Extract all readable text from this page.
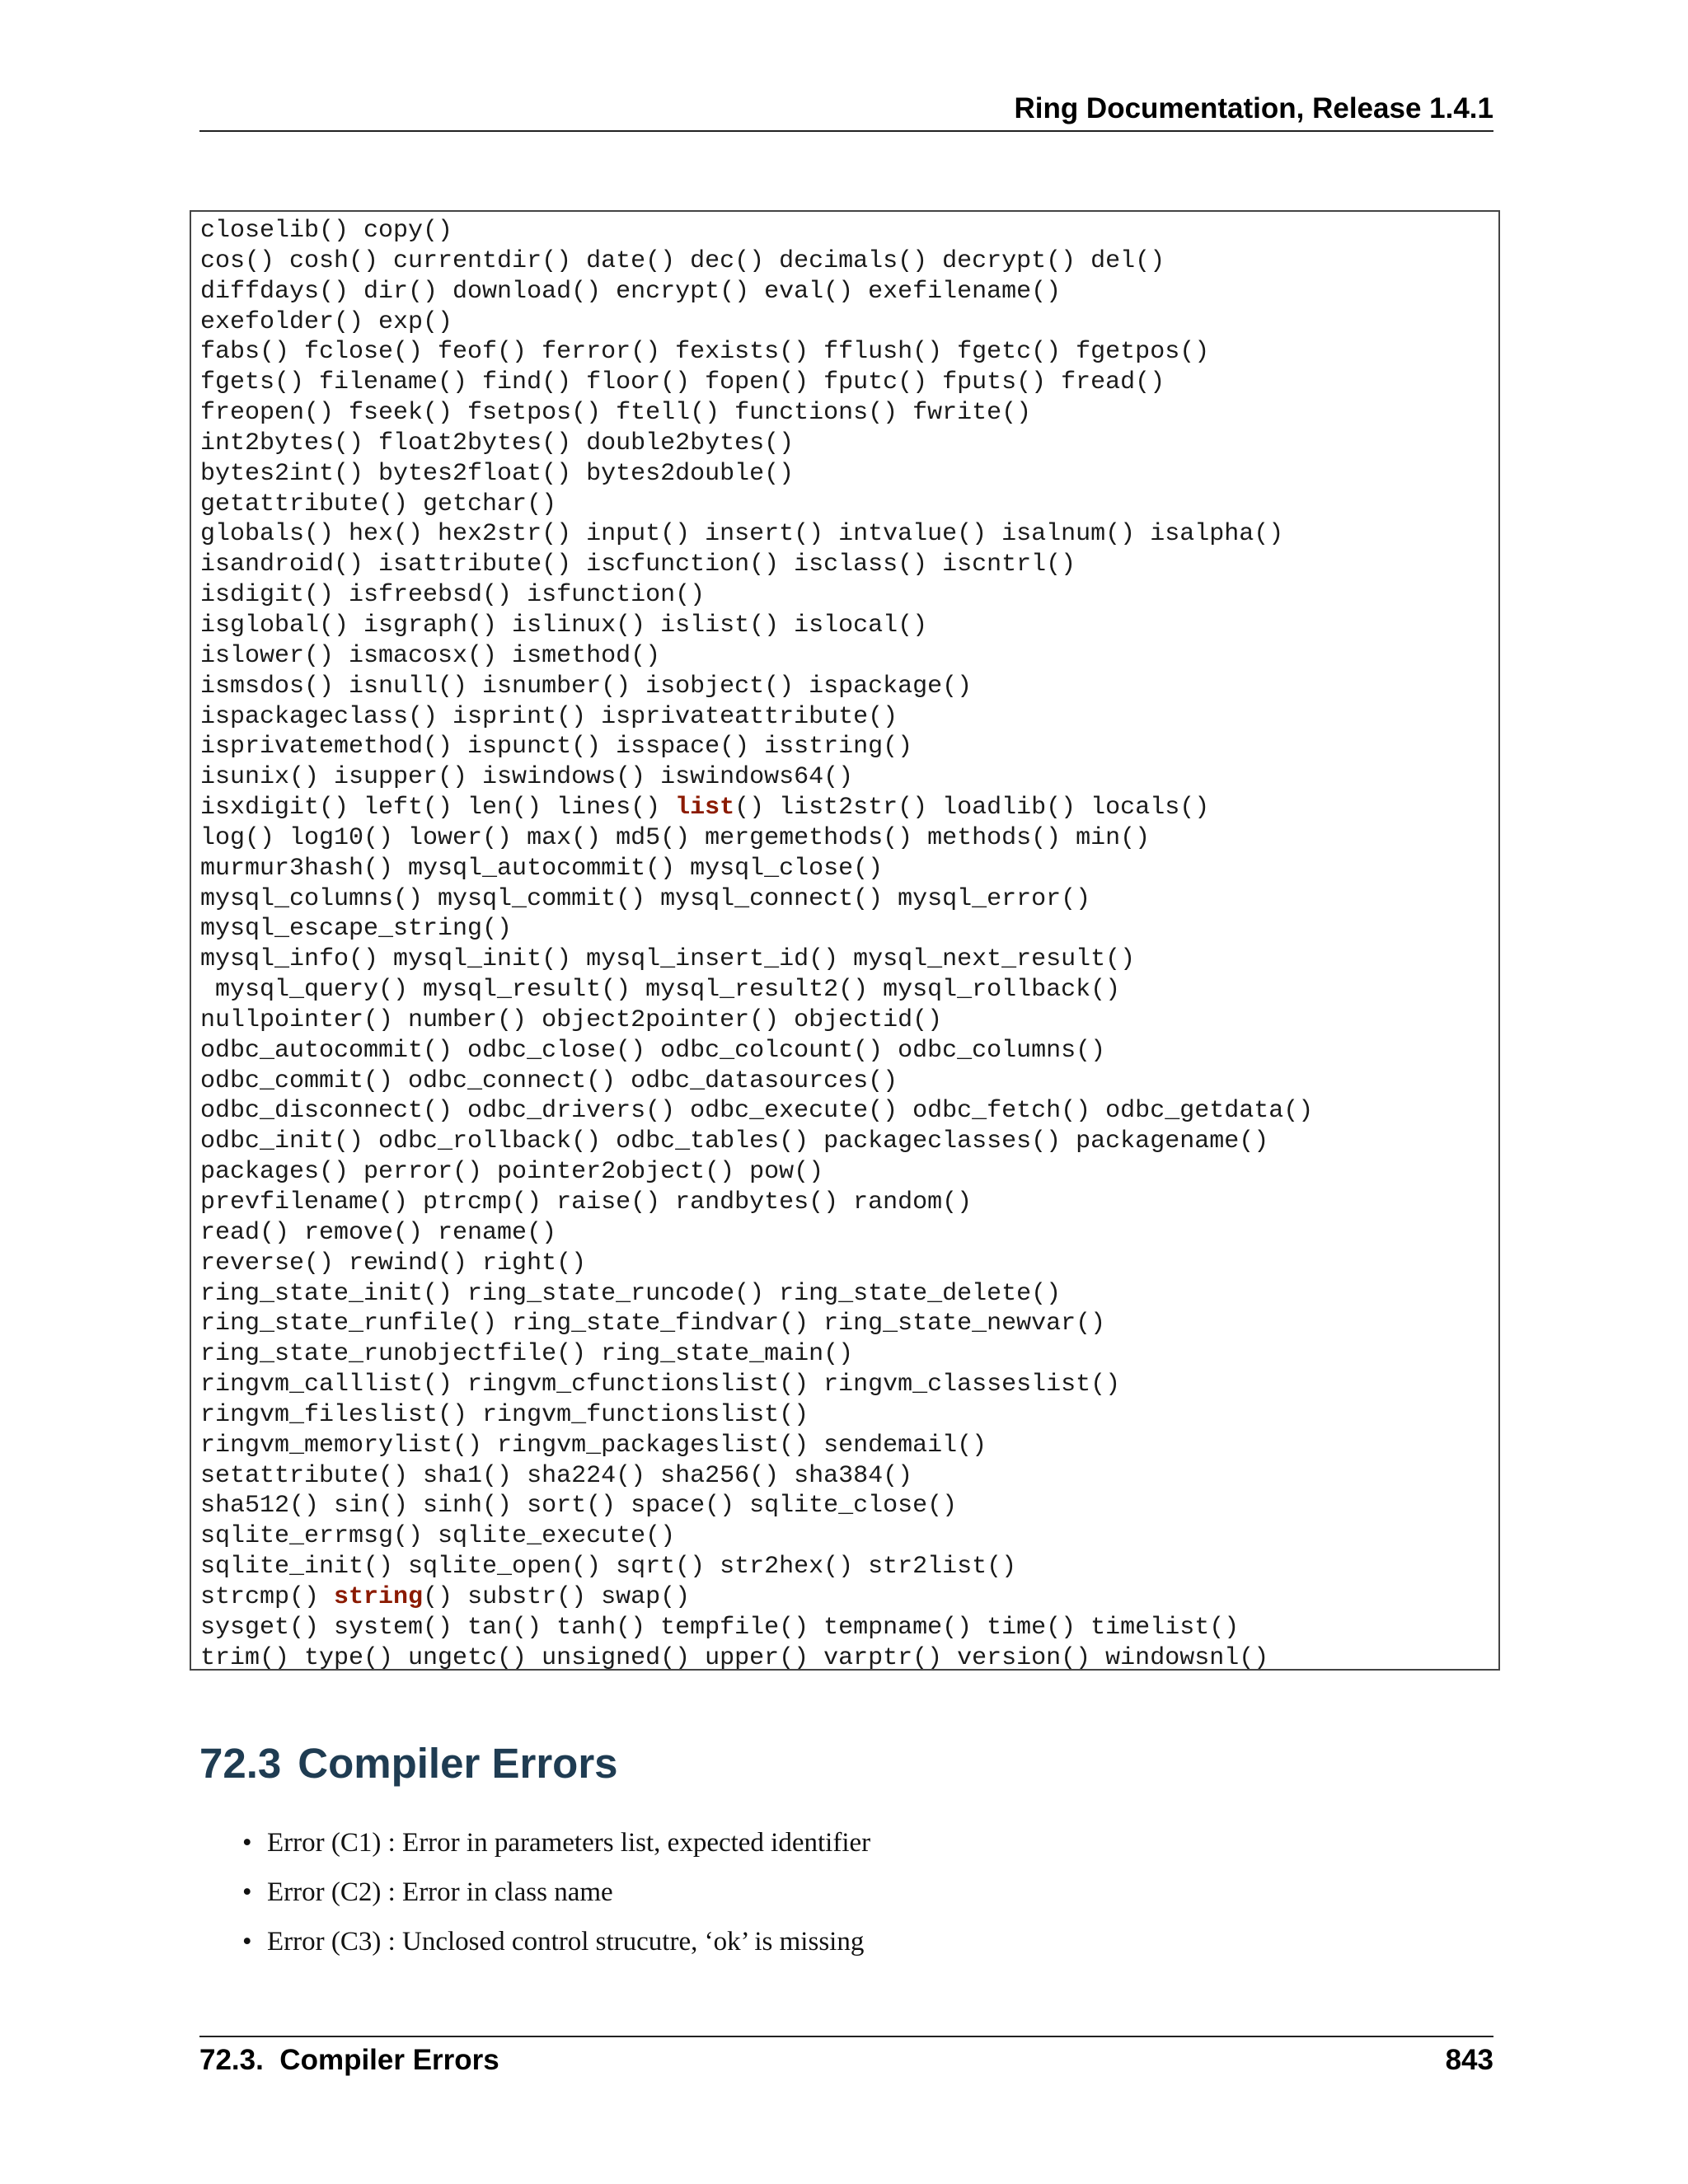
Ring Documentation, Release 1.4.1
closelib() copy()
cos() cosh() currentdir() date() dec() decimals() decrypt() del()
diffdays() dir() download() encrypt() eval() exefilename()
exefolder() exp()
fabs() fclose() feof() ferror() fexists() fflush() fgetc() fgetpos()
fgets() filename() find() floor() fopen() fputc() fputs() fread()
freopen() fseek() fsetpos() ftell() functions() fwrite()
int2bytes() float2bytes() double2bytes()
bytes2int() bytes2float() bytes2double()
getattribute() getchar()
globals() hex() hex2str() input() insert() intvalue() isalnum() isalpha()
isandroid() isattribute() iscfunction() isclass() iscntrl()
isdigit() isfreebsd() isfunction()
isglobal() isgraph() islinux() islist() islocal()
islower() ismacosx() ismethod()
ismsdos() isnull() isnumber() isobject() ispackage()
ispackageclass() isprint() isprivateattribute()
isprivatemethod() ispunct() isspace() isstring()
isunix() isupper() iswindows() iswindows64()
isxdigit() left() len() lines() list() list2str() loadlib() locals()
log() log10() lower() max() md5() mergemethods() methods() min()
murmur3hash() mysql_autocommit() mysql_close()
mysql_columns() mysql_commit() mysql_connect() mysql_error()
mysql_escape_string()
mysql_info() mysql_init() mysql_insert_id() mysql_next_result()
mysql_query() mysql_result() mysql_result2() mysql_rollback()
nullpointer() number() object2pointer() objectid()
odbc_autocommit() odbc_close() odbc_colcount() odbc_columns()
odbc_commit() odbc_connect() odbc_datasources()
odbc_disconnect() odbc_drivers() odbc_execute() odbc_fetch() odbc_getdata()
odbc_init() odbc_rollback() odbc_tables() packageclasses() packagename()
packages() perror() pointer2object() pow()
prevfilename() ptrcmp() raise() randbytes() random()
read() remove() rename()
reverse() rewind() right()
ring_state_init() ring_state_runcode() ring_state_delete()
ring_state_runfile() ring_state_findvar() ring_state_newvar()
ring_state_runobjectfile() ring_state_main()
ringvm_calllist() ringvm_cfunctionslist() ringvm_classeslist()
ringvm_fileslist() ringvm_functionslist()
ringvm_memorylist() ringvm_packageslist() sendemail()
setattribute() sha1() sha224() sha256() sha384()
sha512() sin() sinh() sort() space() sqlite_close()
sqlite_errmsg() sqlite_execute()
sqlite_init() sqlite_open() sqrt() str2hex() str2list()
strcmp() string() substr() swap()
sysget() system() tan() tanh() tempfile() tempname() time() timelist()
trim() type() ungetc() unsigned() upper() varptr() version() windowsnl()
72.3 Compiler Errors
• Error (C1) : Error in parameters list, expected identifier
• Error (C2) : Error in class name
• Error (C3) : Unclosed control strucutre, ‘ok’ is missing
72.3.  Compiler Errors	843
